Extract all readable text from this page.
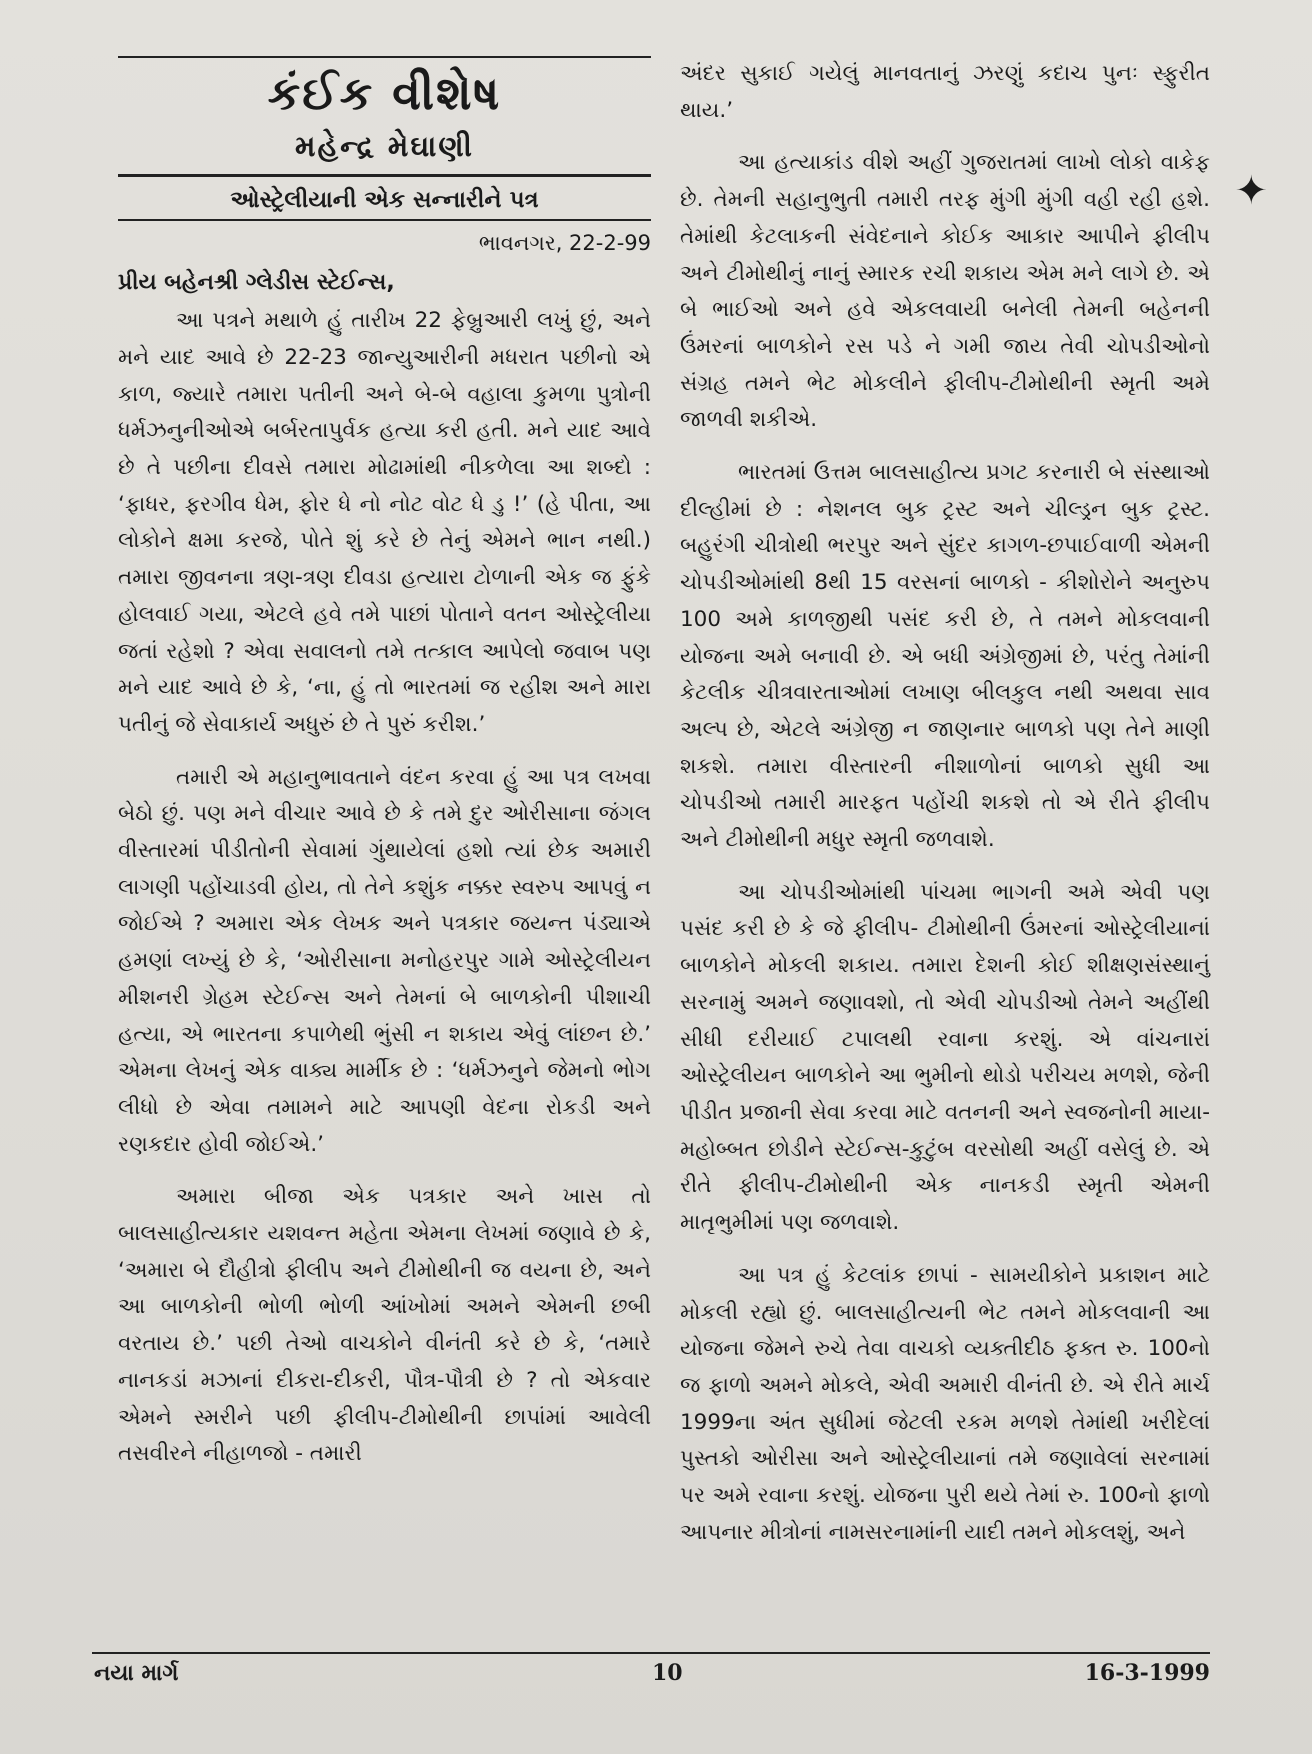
કંઈક વીશેષ
મહેન્દ્ર મેઘાણી
ઓસ્ટ્રેલીયાની એક સન્નારીને પત્ર
ભાવનગર, 22-2-99
પ્રીય બહેનશ્રી ગ્લેડીસ સ્ટેઈન્સ,

આ પત્રને મથાળે હું તારીખ 22 ફેબ્રુઆરી લખું છું, અને મને યાદ આવે છે 22-23 જાન્યુઆરીની મધરાત પછીનો એ કાળ, જ્યારે તમારા પતીની અને બે-બે વહાલા કુમળા પુત્રોની ધર્મઝનુનીઓએ બર્બરતાપુર્વક હત્યા કરી હતી. મને યાદ આવે છે તે પછીના દીવસે તમારા મોઢામાંથી નીકળેલા આ શબ્દો : ‘ફાધર, ફરગીવ ધેમ, ફોર ધે નો નોટ વોટ ધે ડુ !’ (હે પીતા, આ લોકોને ક્ષમા કરજે, પોતે શું કરે છે તેનું એમને ભાન નથી.) તમારા જીવનના ત્રણ-ત્રણ દીવડા હત્યારા ટોળાની એક જ ફુંકે હોલવાઈ ગયા, એટલે હવે તમે પાછાં પોતાને વતન ઓસ્ટ્રેલીયા જતાં રહેશો ? એવા સવાલનો તમે તત્કાલ આપેલો જવાબ પણ મને યાદ આવે છે કે, ‘ના, હું તો ભારતમાં જ રહીશ અને મારા પતીનું જે સેવાકાર્ય અધુરું છે તે પુરું કરીશ.’

તમારી એ મહાનુભાવતાને વંદન કરવા હું આ પત્ર લખવા બેઠો છું. પણ મને વીચાર આવે છે કે તમે દુર ઓરીસાના જંગલ વીસ્તારમાં પીડીતોની સેવામાં ગુંથાયેલાં હશો ત્યાં છેક અમારી લાગણી પહોંચાડવી હોય, તો તેને કશુંક નક્કર સ્વરુપ આપવું ન જોઈએ ? અમારા એક લેખક અને પત્રકાર જયન્ત પંડ્યાએ હમણાં લખ્યું છે કે, ‘ઓરીસાના મનોહરપુર ગામે ઓસ્ટ્રેલીયન મીશનરી ગ્રેહમ સ્ટેઈન્સ અને તેમનાં બે બાળકોની પીશાચી હત્યા, એ ભારતના કપાળેથી ભુંસી ન શકાય એવું લાંછન છે.’ એમના લેખનું એક વાક્ય માર્મીક છે : ‘ધર્મઝનુને જેમનો ભોગ લીધો છે એવા તમામને માટે આપણી વેદના રોકડી અને રણકદાર હોવી જોઈએ.’

અમારા બીજા એક પત્રકાર અને ખાસ તો બાલસાહીત્યકાર યશવન્ત મહેતા એમના લેખમાં જણાવે છે કે, ‘અમારા બે દૌહીત્રો ફીલીપ અને ટીમોથીની જ વયના છે, અને આ બાળકોની ભોળી ભોળી આંખોમાં અમને એમની છબી વરતાય છે.’ પછી તેઓ વાચકોને વીનંતી કરે છે કે, ‘તમારે નાનકડાં મઝાનાં દીકરા-દીકરી, પૌત્ર-પૌત્રી છે ? તો એકવાર એમને સ્મરીને પછી ફીલીપ-ટીમોથીની છાપાંમાં આવેલી તસવીરને નીહાળજો - તમારી

અંદર સુકાઈ ગયેલું માનવતાનું ઝરણું કદાચ પુનઃ સ્ફુરીત થાય.’

આ હત્યાકાંડ વીશે અહીં ગુજરાતમાં લાખો લોકો વાકેફ છે. તેમની સહાનુભુતી તમારી તરફ મુંગી મુંગી વહી રહી હશે. તેમાંથી કેટલાકની સંવેદનાને કોઈક આકાર આપીને ફીલીપ અને ટીમોથીનું નાનું સ્મારક રચી શકાય એમ મને લાગે છે. એ બે ભાઈઓ અને હવે એકલવાયી બનેલી તેમની બહેનની ઉંમરનાં બાળકોને રસ પડે ને ગમી જાય તેવી ચોપડીઓનો સંગ્રહ તમને ભેટ મોકલીને ફીલીપ-ટીમોથીની સ્મૃતી અમે જાળવી શકીએ.

ભારતમાં ઉત્તમ બાલસાહીત્ય પ્રગટ કરનારી બે સંસ્થાઓ દીલ્હીમાં છે : નેશનલ બુક ટ્રસ્ટ અને ચીલ્ડ્રન બુક ટ્રસ્ટ. બહુરંગી ચીત્રોથી ભરપુર અને સુંદર કાગળ-છપાઈવાળી એમની ચોપડીઓમાંથી 8થી 15 વરસનાં બાળકો - કીશોરોને અનુરુપ 100 અમે કાળજીથી પસંદ કરી છે, તે તમને મોકલવાની યોજના અમે બનાવી છે. એ બધી અંગ્રેજીમાં છે, પરંતુ તેમાંની કેટલીક ચીત્રવારતાઓમાં લખાણ બીલકુલ નથી અથવા સાવ અલ્પ છે, એટલે અંગ્રેજી ન જાણનાર બાળકો પણ તેને માણી શકશે. તમારા વીસ્તારની નીશાળોનાં બાળકો સુધી આ ચોપડીઓ તમારી મારફત પહોંચી શકશે તો એ રીતે ફીલીપ અને ટીમોથીની મધુર સ્મૃતી જળવાશે.

આ ચોપડીઓમાંથી પાંચમા ભાગની અમે એવી પણ પસંદ કરી છે કે જે ફીલીપ- ટીમોથીની ઉંમરનાં ઓસ્ટ્રેલીયાનાં બાળકોને મોકલી શકાય. તમારા દેશની કોઈ શીક્ષણસંસ્થાનું સરનામું અમને જણાવશો, તો એવી ચોપડીઓ તેમને અહીંથી સીધી દરીયાઈ ટપાલથી રવાના કરશું. એ વાંચનારાં ઓસ્ટ્રેલીયન બાળકોને આ ભુમીનો થોડો પરીચય મળશે, જેની પીડીત પ્રજાની સેવા કરવા માટે વતનની અને સ્વજનોની માયા-મહોબ્બત છોડીને સ્ટેઈન્સ-કુટુંબ વરસોથી અહીં વસેલું છે. એ રીતે ફીલીપ-ટીમોથીની એક નાનકડી સ્મૃતી એમની માતૃભુમીમાં પણ જળવાશે.

આ પત્ર હું કેટલાંક છાપાં - સામયીકોને પ્રકાશન માટે મોકલી રહ્યો છું. બાલસાહીત્યની ભેટ તમને મોકલવાની આ યોજના જેમને રુચે તેવા વાચકો વ્યક્તીદીઠ ફક્ત રુ. 100નો જ ફાળો અમને મોકલે, એવી અમારી વીનંતી છે. એ રીતે માર્ચ 1999ના અંત સુધીમાં જેટલી રકમ મળશે તેમાંથી ખરીદેલાં પુસ્તકો ઓરીસા અને ઓસ્ટ્રેલીયાનાં તમે જણાવેલાં સરનામાં પર અમે રવાના કરશું. યોજના પુરી થયે તેમાં રુ. 100નો ફાળો આપનાર મીત્રોનાં નામસરનામાંની યાદી તમને મોકલશું, અને

✦
નયા માર્ગ	10	16-3-1999
